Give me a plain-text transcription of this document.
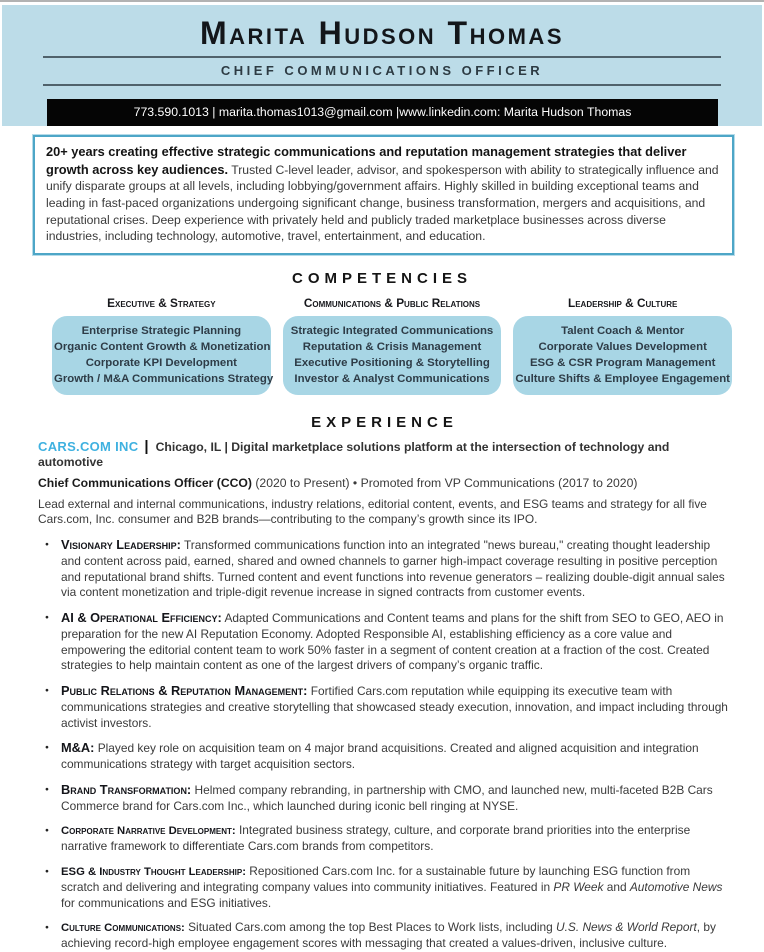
Marita Hudson Thomas
CHIEF COMMUNICATIONS OFFICER
773.590.1013 | marita.thomas1013@gmail.com |www.linkedin.com: Marita Hudson Thomas
20+ years creating effective strategic communications and reputation management strategies that deliver growth across key audiences. Trusted C-level leader, advisor, and spokesperson with ability to strategically influence and unify disparate groups at all levels, including lobbying/government affairs. Highly skilled in building exceptional teams and leading in fast-paced organizations undergoing significant change, business transformation, mergers and acquisitions, and reputational crises. Deep experience with privately held and publicly traded marketplace businesses across diverse industries, including technology, automotive, travel, entertainment, and education.
COMPETENCIES
Executive & Strategy
Enterprise Strategic Planning
Organic Content Growth & Monetization
Corporate KPI Development
Growth / M&A Communications Strategy
Communications & Public Relations
Strategic Integrated Communications
Reputation & Crisis Management
Executive Positioning & Storytelling
Investor & Analyst Communications
Leadership & Culture
Talent Coach & Mentor
Corporate Values Development
ESG & CSR Program Management
Culture Shifts & Employee Engagement
EXPERIENCE
CARS.COM INC | Chicago, IL | Digital marketplace solutions platform at the intersection of technology and automotive
Chief Communications Officer (CCO) (2020 to Present) • Promoted from VP Communications (2017 to 2020)
Lead external and internal communications, industry relations, editorial content, events, and ESG teams and strategy for all five Cars.com, Inc. consumer and B2B brands—contributing to the company’s growth since its IPO.
● Visionary Leadership: Transformed communications function into an integrated "news bureau," creating thought leadership and content across paid, earned, shared and owned channels to garner high-impact coverage resulting in positive perception and reputational brand shifts. Turned content and event functions into revenue generators – realizing double-digit annual sales via content monetization and triple-digit revenue increase in signed contracts from customer events.
● AI & Operational Efficiency: Adapted Communications and Content teams and plans for the shift from SEO to GEO, AEO in preparation for the new AI Reputation Economy. Adopted Responsible AI, establishing efficiency as a core value and empowering the editorial content team to work 50% faster in a segment of content creation at a fraction of the cost. Created strategies to help maintain content as one of the largest drivers of company’s organic traffic.
● Public Relations & Reputation Management: Fortified Cars.com reputation while equipping its executive team with communications strategies and creative storytelling that showcased steady execution, innovation, and impact including through activist investors.
● M&A: Played key role on acquisition team on 4 major brand acquisitions. Created and aligned acquisition and integration communications strategy with target acquisition sectors.
● Brand Transformation: Helmed company rebranding, in partnership with CMO, and launched new, multi-faceted B2B Cars Commerce brand for Cars.com Inc., which launched during iconic bell ringing at NYSE.
● Corporate Narrative Development: Integrated business strategy, culture, and corporate brand priorities into the enterprise narrative framework to differentiate Cars.com brands from competitors.
● ESG & Industry Thought Leadership: Repositioned Cars.com Inc. for a sustainable future by launching ESG function from scratch and delivering and integrating company values into community initiatives. Featured in PR Week and Automotive News for communications and ESG initiatives.
● Culture Communications: Situated Cars.com among the top Best Places to Work lists, including U.S. News & World Report, by achieving record-high employee engagement scores with messaging that created a values-driven, inclusive culture.
